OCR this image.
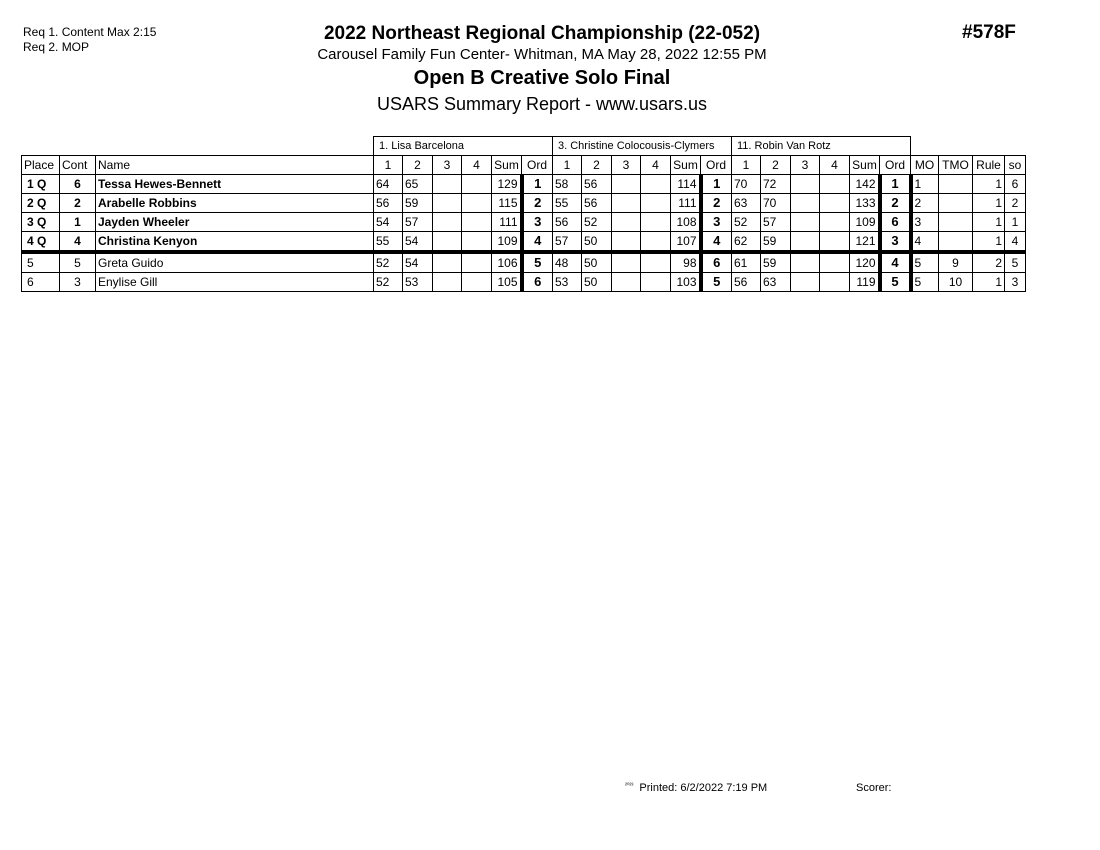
Req 1. Content Max 2:15
Req 2. MOP
#578F
2022 Northeast Regional Championship (22-052)
Carousel Family Fun Center- Whitman, MA May 28, 2022 12:55 PM
Open B Creative Solo Final
USARS Summary Report - www.usars.us
			1. Lisa Barcelona						3. Christine Colocousis-Clymers						11. Robin Van Rotz									
Place	Cont	Name	1	2	3	4	Sum	Ord	1	2	3	4	Sum	Ord	1	2	3	4	Sum	Ord	MO	TMO	Rule	so
1 Q	6	Tessa Hewes-Bennett	64	65			129	1	58	56			114	1	70	72			142	1	1		1	6
2 Q	2	Arabelle Robbins	56	59			115	2	55	56			111	2	63	70			133	2	2		1	2
3 Q	1	Jayden Wheeler	54	57			111	3	56	52			108	3	52	57			109	6	3		1	1
4 Q	4	Christina Kenyon	55	54			109	4	57	50			107	4	62	59			121	3	4		1	4
5	5	Greta Guido	52	54			106	5	48	50			98	6	61	59			120	4	5	9	2	5
6	3	Enylise Gill	52	53			105	6	53	50			103	5	56	63			119	5	5	10	1	3
$^{^{2023}}$ Printed: 6/2/2022 7:19 PM	Scorer:
